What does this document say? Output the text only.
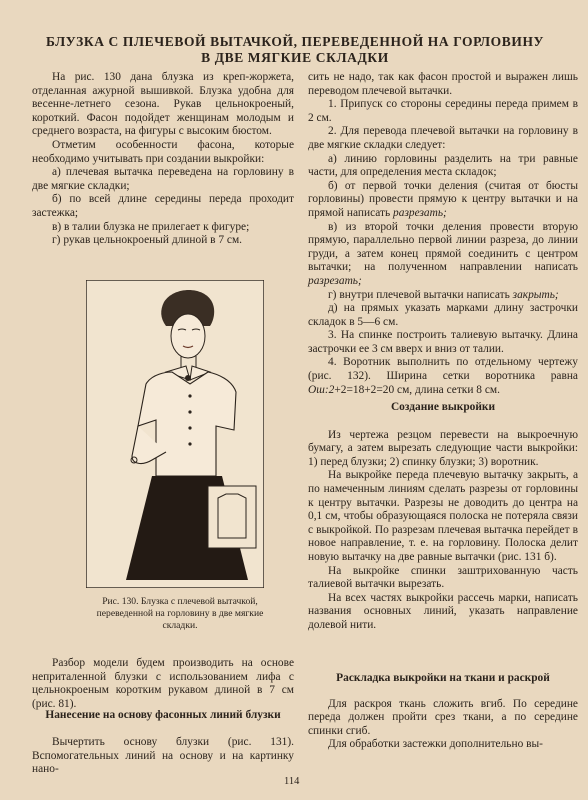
БЛУЗКА С ПЛЕЧЕВОЙ ВЫТАЧКОЙ, ПЕРЕВЕДЕННОЙ НА ГОРЛОВИНУ
В ДВЕ МЯГКИЕ СКЛАДКИ

На рис. 130 дана блузка из креп-жоржета, отделанная ажурной вышивкой. Блузка удобна для весенне-летнего сезона. Рукав цельнокроеный, короткий. Фасон подойдет женщинам молодым и среднего возраста, на фигуры с высоким бюстом.

Отметим особенности фасона, которые необходимо учитывать при создании выкройки:

а) плечевая вытачка переведена на горловину в две мягкие складки;

б) по всей длине середины переда проходит застежка;

в) в талии блузка не прилегает к фигуре;

г) рукав цельнокроеный длиной в 7 см.

Рис. 130. Блузка с плечевой вытачкой, переведенной на горловину в две мягкие складки.

Разбор модели будем производить на основе неприталенной блузки с использованием лифа с цельнокроеным коротким рукавом длиной в 7 см (рис. 81).

Нанесение на основу фасонных линий блузки

Вычертить основу блузки (рис. 131). Вспомогательных линий на основу и на картинку нано-

сить не надо, так как фасон простой и выражен лишь переводом плечевой вытачки.

1. Припуск со стороны середины переда примем в 2 см.

2. Для перевода плечевой вытачки на горловину в две мягкие складки следует:

а) линию горловины разделить на три равные части, для определения места складок;

б) от первой точки деления (считая от бюсты горловины) провести прямую к центру вытачки и на прямой написать разрезать;

в) из второй точки деления провести вторую прямую, параллельно первой линии разреза, до линии груди, а затем конец прямой соединить с центром вытачки; на полученном направлении написать разрезать;

г) внутри плечевой вытачки написать закрыть;

д) на прямых указать марками длину застрочки складок в 5—6 см.

3. На спинке построить талиевую вытачку. Длина застрочки ее 3 см вверх и вниз от талии.

4. Воротник выполнить по отдельному чертежу (рис. 132). Ширина сетки воротника равна Ош:2+2=18+2=20 см, длина сетки 8 см.

Создание выкройки

Из чертежа резцом перевести на выкроечную бумагу, а затем вырезать следующие части выкройки: 1) перед блузки; 2) спинку блузки; 3) воротник.

На выкройке переда плечевую вытачку закрыть, а по намеченным линиям сделать разрезы от горловины к центру вытачки. Разрезы не доводить до центра на 0,1 см, чтобы образующаяся полоска не потеряла связи с выкройкой. По разрезам плечевая вытачка перейдет в новое направление, т. е. на горловину. Полоска делит новую вытачку на две равные вытачки (рис. 131 б).

На выкройке спинки заштрихованную часть талиевой вытачки вырезать.

На всех частях выкройки рассечь марки, написать названия основных линий, указать направление долевой нити.

Раскладка выкройки на ткани и раскрой

Для раскроя ткань сложить вгиб. По середине переда должен пройти срез ткани, а по середине спинки сгиб.

Для обработки застежки дополнительно вы-

114
